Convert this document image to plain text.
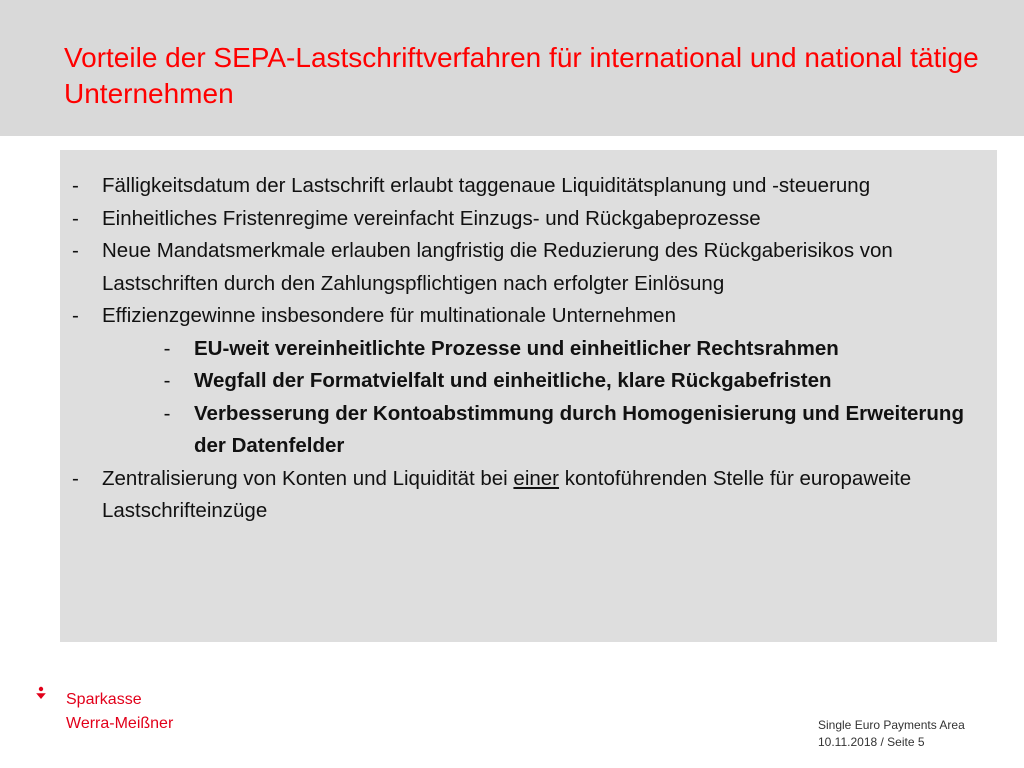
Vorteile der SEPA-Lastschriftverfahren für international und national tätige Unternehmen
-	Fälligkeitsdatum der Lastschrift erlaubt taggenaue Liquiditätsplanung und -steuerung
-	Einheitliches Fristenregime vereinfacht Einzugs- und Rückgabeprozesse
-	Neue Mandatsmerkmale erlauben langfristig die Reduzierung des Rückgaberisikos von Lastschriften durch den Zahlungspflichtigen nach erfolgter Einlösung
-	Effizienzgewinne insbesondere für multinationale Unternehmen
-	EU-weit vereinheitlichte Prozesse und einheitlicher Rechtsrahmen
-	Wegfall der Formatvielfalt und einheitliche, klare Rückgabefristen
-	Verbesserung der Kontoabstimmung durch Homogenisierung und Erweiterung der Datenfelder
-	Zentralisierung von Konten und Liquidität bei einer kontoführenden Stelle für europaweite Lastschrifteinzüge
Sparkasse
Werra-Meißner	Single Euro Payments Area
10.11.2018 / Seite 5
